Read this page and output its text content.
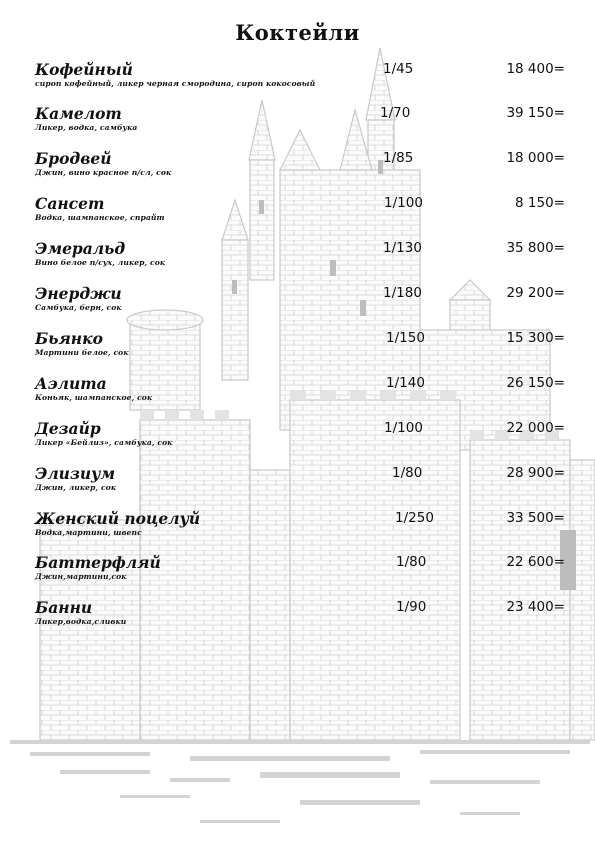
Коктейли
Кофейный
сироп кофейный, ликер черная смородина, сироп кокосовый
1/45	18 400=
Камелот
Ликер, водка, самбука
1/70	39 150=
Бродвей
Джин, вино красное п/сл, сок
1/85	18 000=
Сансет
Водка, шампанское, спрайт
1/100	8 150=
Эмеральд
Вино белое п/сух, ликер, сок
1/130	35 800=
Энерджи
Самбука, берн, сок
1/180	29 200=
Бьянко
Мартини белое, сок
1/150	15 300=
Аэлита
Коньяк, шампанское, сок
1/140	26 150=
Дезайр
Ликер «Бейлиз», самбука, сок
1/100	22 000=
Элизиум
Джин, ликер, сок
1/80	28 900=
Женский поцелуй
Водка,мартини, швепс
1/250	33 500=
Баттерфляй
Джин,мартини,сок
1/80	22 600=
Банни
Ликер,водка,сливки
1/90	23 400=
